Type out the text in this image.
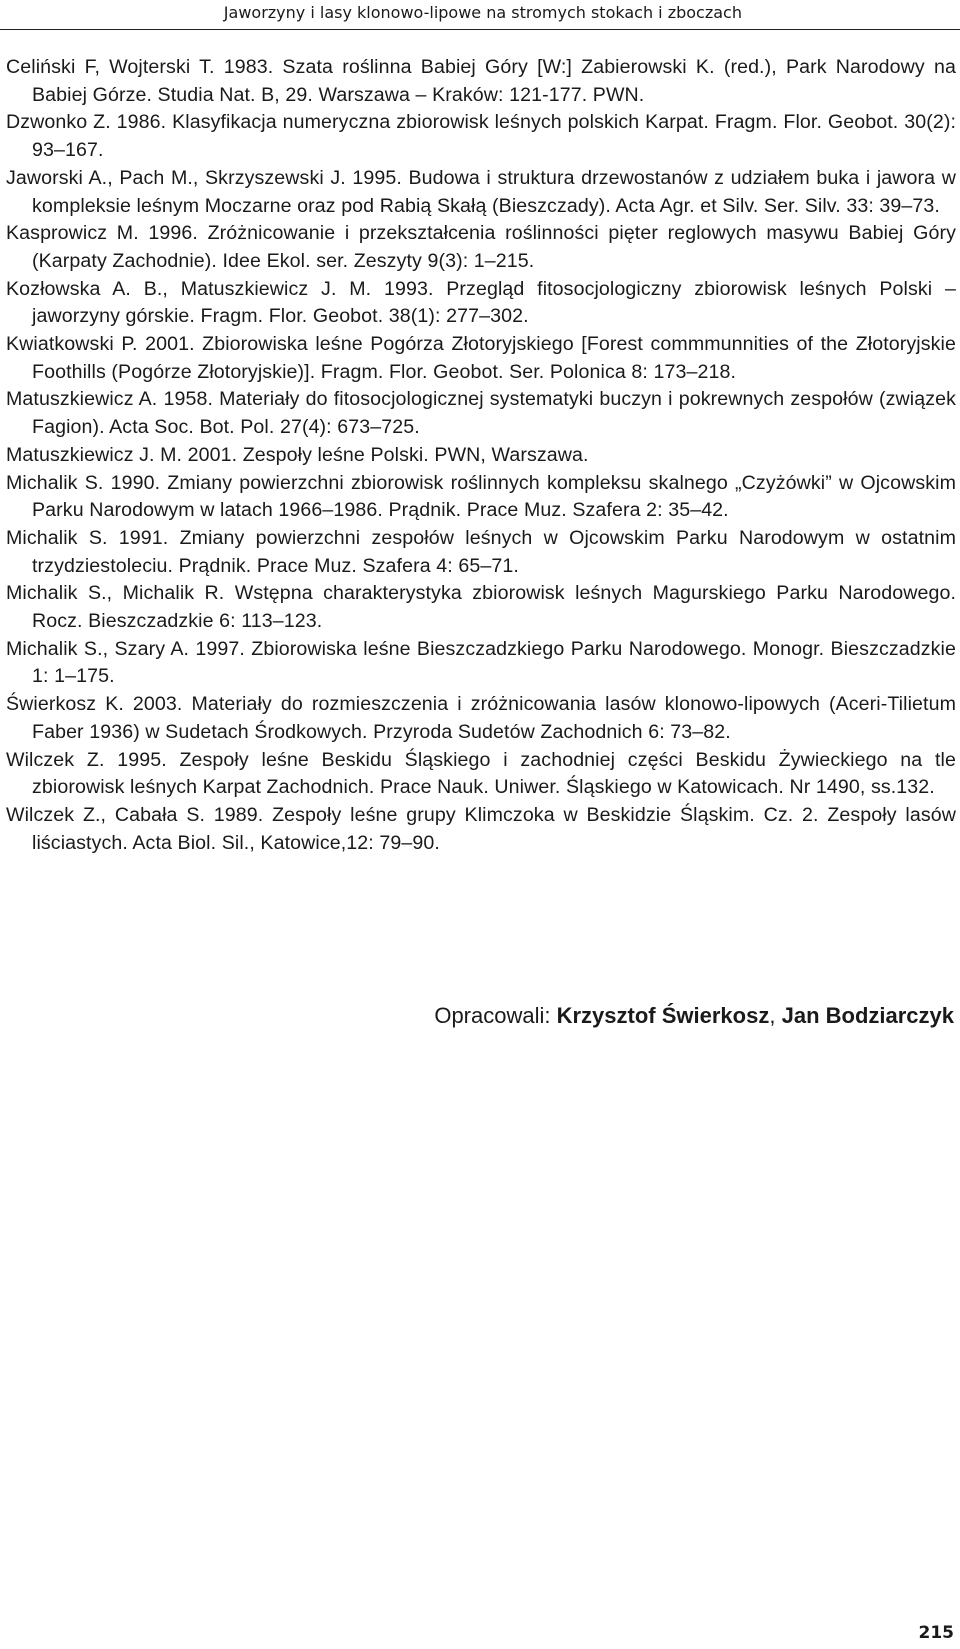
Jaworzyny i lasy klonowo-lipowe na stromych stokach i zboczach

Celiński F, Wojterski T. 1983. Szata roślinna Babiej Góry [W:] Zabierowski K. (red.), Park Narodowy na Babiej Górze. Studia Nat. B, 29. Warszawa – Kraków: 121-177. PWN.

Dzwonko Z. 1986. Klasyfikacja numeryczna zbiorowisk leśnych polskich Karpat. Fragm. Flor. Geobot. 30(2): 93–167.

Jaworski A., Pach M., Skrzyszewski J. 1995. Budowa i struktura drzewostanów z udziałem buka i jawora w kompleksie leśnym Moczarne oraz pod Rabią Skałą (Bieszczady). Acta Agr. et Silv. Ser. Silv. 33: 39–73.

Kasprowicz M. 1996. Zróżnicowanie i przekształcenia roślinności pięter reglowych masywu Babiej Góry (Karpaty Zachodnie). Idee Ekol. ser. Zeszyty 9(3): 1–215.

Kozłowska A. B., Matuszkiewicz J. M. 1993. Przegląd fitosocjologiczny zbiorowisk leśnych Polski – jaworzyny górskie. Fragm. Flor. Geobot. 38(1): 277–302.

Kwiatkowski P. 2001. Zbiorowiska leśne Pogórza Złotoryjskiego [Forest commmunnities of the Złotoryjskie Foothills (Pogórze Złotoryjskie)]. Fragm. Flor. Geobot. Ser. Polonica 8: 173–218.

Matuszkiewicz A. 1958. Materiały do fitosocjologicznej systematyki buczyn i pokrewnych zespołów (związek Fagion). Acta Soc. Bot. Pol. 27(4): 673–725.

Matuszkiewicz J. M. 2001. Zespoły leśne Polski. PWN, Warszawa.

Michalik S. 1990. Zmiany powierzchni zbiorowisk roślinnych kompleksu skalnego „Czyżówki” w Ojcowskim Parku Narodowym w latach 1966–1986. Prądnik. Prace Muz. Szafera 2: 35–42.

Michalik S. 1991. Zmiany powierzchni zespołów leśnych w Ojcowskim Parku Narodowym w ostatnim trzydziestoleciu. Prądnik. Prace Muz. Szafera 4: 65–71.

Michalik S., Michalik R. Wstępna charakterystyka zbiorowisk leśnych Magurskiego Parku Narodowego. Rocz. Bieszczadzkie 6: 113–123.

Michalik S., Szary A. 1997. Zbiorowiska leśne Bieszczadzkiego Parku Narodowego. Monogr. Bieszczadzkie 1: 1–175.

Świerkosz K. 2003. Materiały do rozmieszczenia i zróżnicowania lasów klonowo-lipowych (Aceri-Tilietum Faber 1936) w Sudetach Środkowych. Przyroda Sudetów Zachodnich 6: 73–82.

Wilczek Z. 1995. Zespoły leśne Beskidu Śląskiego i zachodniej części Beskidu Żywieckiego na tle zbiorowisk leśnych Karpat Zachodnich. Prace Nauk. Uniwer. Śląskiego w Katowicach. Nr 1490, ss.132.

Wilczek Z., Cabała S. 1989. Zespoły leśne grupy Klimczoka w Beskidzie Śląskim. Cz. 2. Zespoły lasów liściastych. Acta Biol. Sil., Katowice,12: 79–90.

Opracowali: Krzysztof Świerkosz, Jan Bodziarczyk
215
